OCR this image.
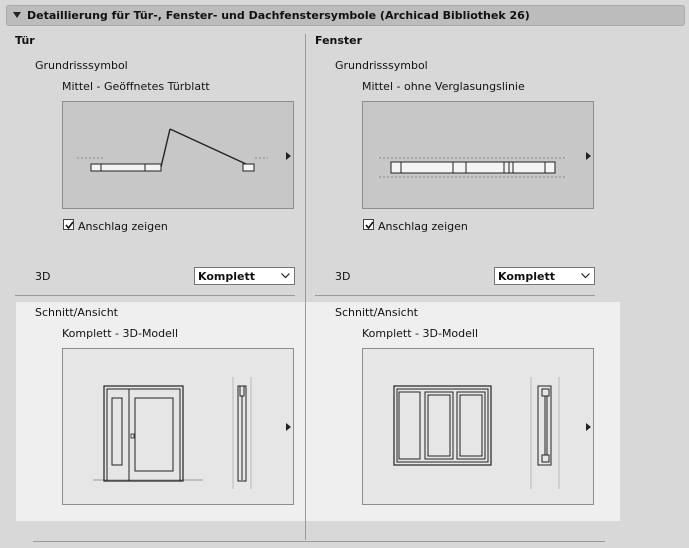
Detaillierung für Tür-, Fenster- und Dachfenstersymbole (Archicad Bibliothek 26)
Tür
Grundrisssymbol
Mittel - Geöffnetes Türblatt
Anschlag zeigen
3D	Komplett
Schnitt/Ansicht
Komplett - 3D-Modell
Fenster
Grundrisssymbol
Mittel - ohne Verglasungslinie
Anschlag zeigen
3D	Komplett
Schnitt/Ansicht
Komplett - 3D-Modell
